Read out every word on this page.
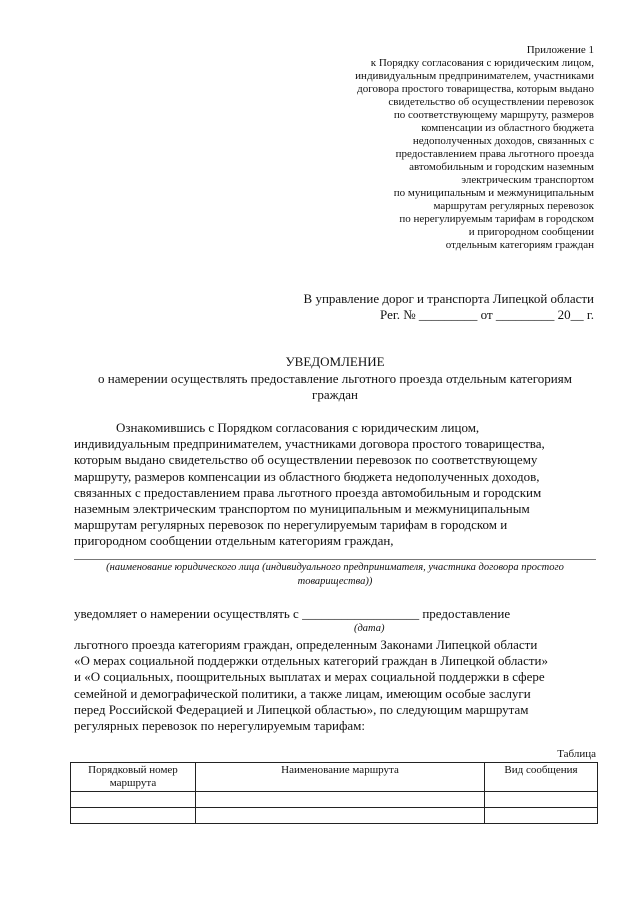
Приложение 1
к Порядку согласования с юридическим лицом,
индивидуальным предпринимателем, участниками
договора простого товарищества, которым выдано
свидетельство об осуществлении перевозок
по соответствующему маршруту, размеров
компенсации из областного бюджета
недополученных доходов, связанных с
предоставлением права льготного проезда
автомобильным и городским наземным
электрическим транспортом
по муниципальным и межмуниципальным
маршрутам регулярных перевозок
по нерегулируемым тарифам в городском
и пригородном сообщении
отдельным категориям граждан
В управление дорог и транспорта Липецкой области
Рег. № _________ от _________ 20__ г.
УВЕДОМЛЕНИЕ
о намерении осуществлять предоставление льготного проезда отдельным категориям
граждан
Ознакомившись с Порядком согласования с юридическим лицом,
индивидуальным предпринимателем, участниками договора простого товарищества,
которым выдано свидетельство об осуществлении перевозок по соответствующему
маршруту, размеров компенсации из областного бюджета недополученных доходов,
связанных с предоставлением права льготного проезда автомобильным и городским
наземным электрическим транспортом по муниципальным и межмуниципальным
маршрутам регулярных перевозок по нерегулируемым тарифам в городском и
пригородном сообщении отдельным категориям граждан,
(наименование юридического лица (индивидуального предпринимателя, участника договора простого
товарищества))
уведомляет о намерении осуществлять с __________________ предоставление
(дата)
льготного проезда категориям граждан, определенным Законами Липецкой области
«О мерах социальной поддержки отдельных категорий граждан в Липецкой области»
и «О социальных, поощрительных выплатах и мерах социальной поддержки в сфере
семейной и демографической политики, а также лицам, имеющим особые заслуги
перед Российской Федерацией и Липецкой областью», по следующим маршрутам
регулярных перевозок по нерегулируемым тарифам:
Таблица
Порядковый номер маршрута	Наименование маршрута	Вид сообщения
